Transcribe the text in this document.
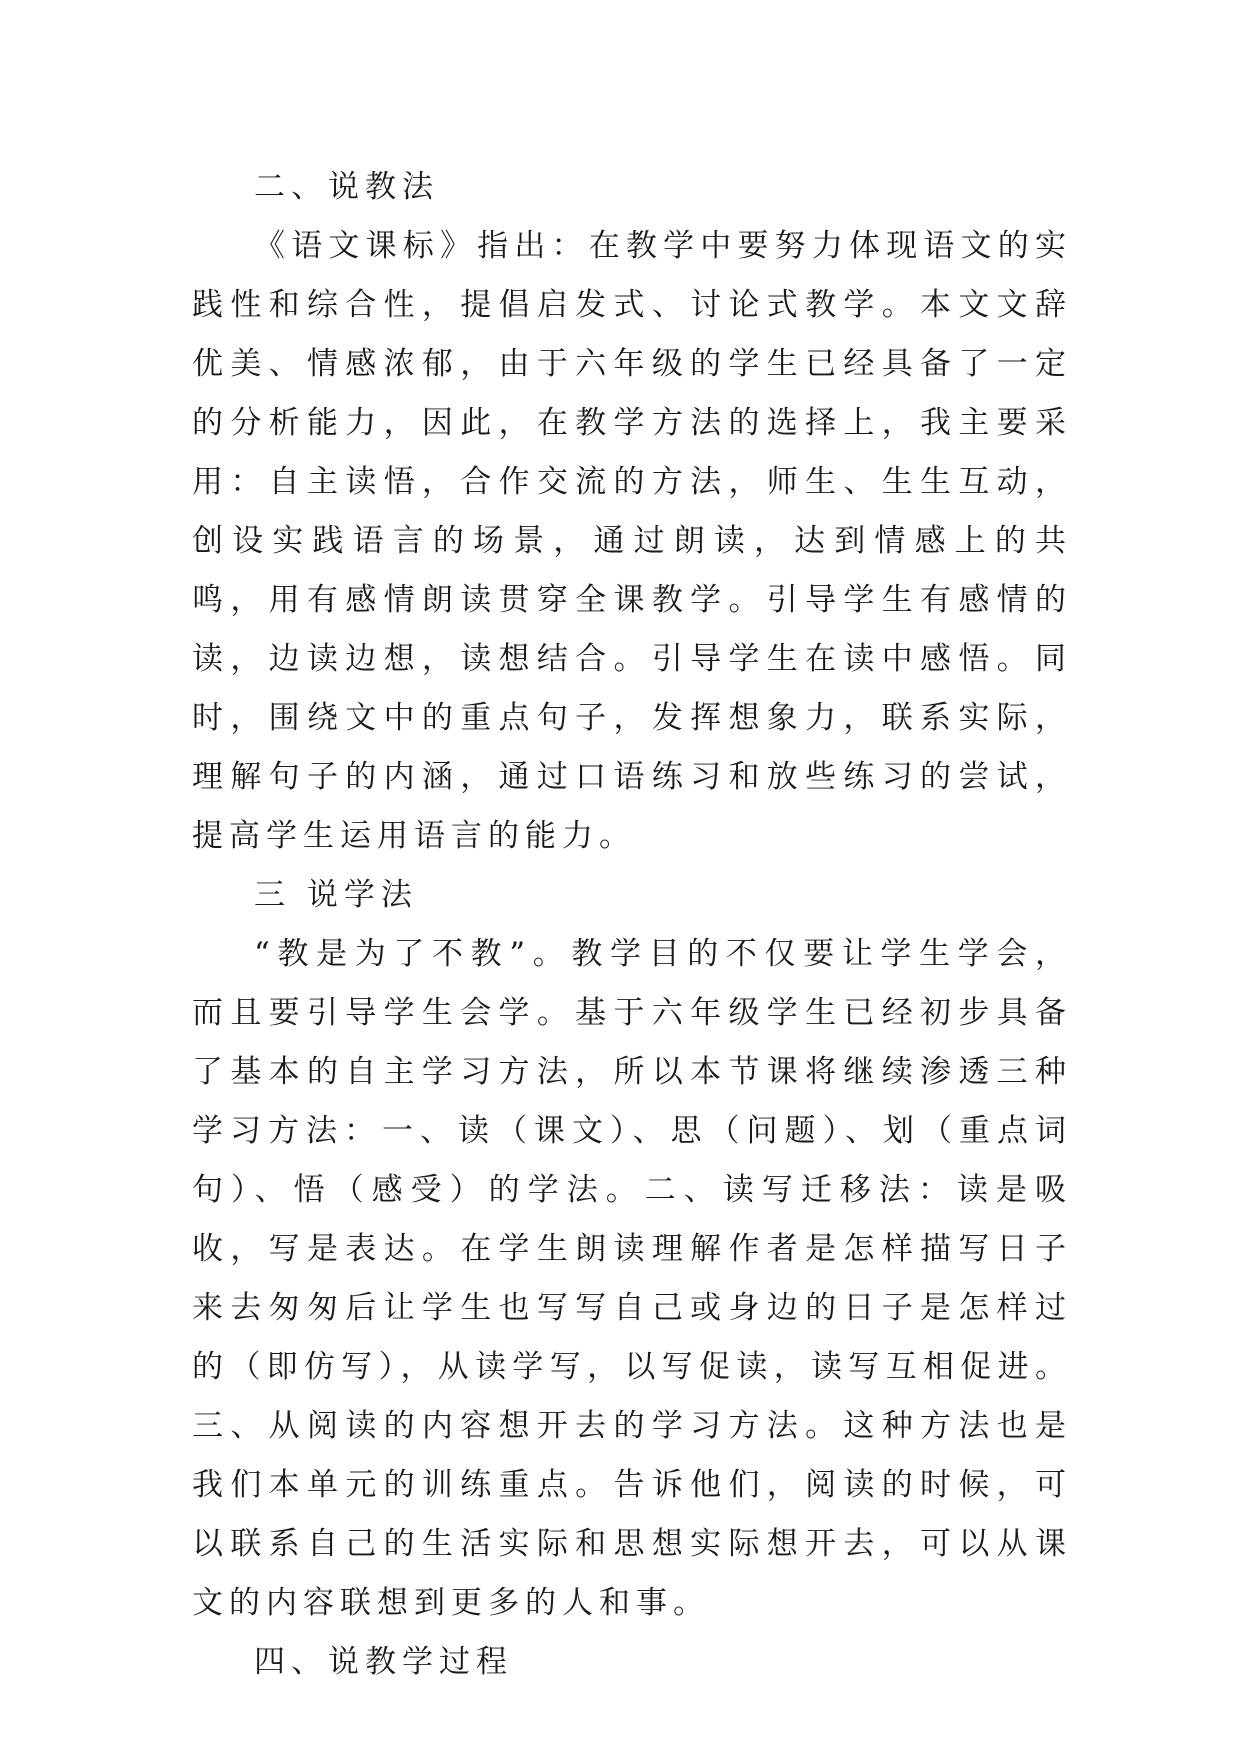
二、说教法

《语文课标》指出：在教学中要努力体现语文的实践性和综合性，提倡启发式、讨论式教学。本文文辞优美、情感浓郁，由于六年级的学生已经具备了一定的分析能力，因此，在教学方法的选择上，我主要采用：自主读悟，合作交流的方法，师生、生生互动，创设实践语言的场景，通过朗读，达到情感上的共鸣，用有感情朗读贯穿全课教学。引导学生有感情的读，边读边想，读想结合。引导学生在读中感悟。同时，围绕文中的重点句子，发挥想象力，联系实际，理解句子的内涵，通过口语练习和放些练习的尝试，提高学生运用语言的能力。

三 说学法

“教是为了不教”。教学目的不仅要让学生学会，而且要引导学生会学。基于六年级学生已经初步具备了基本的自主学习方法，所以本节课将继续渗透三种学习方法：一、读（课文）、思（问题）、划（重点词句）、悟（感受）的学法。二、读写迁移法：读是吸收，写是表达。在学生朗读理解作者是怎样描写日子来去匆匆后让学生也写写自己或身边的日子是怎样过的（即仿写），从读学写，以写促读，读写互相促进。三、从阅读的内容想开去的学习方法。这种方法也是我们本单元的训练重点。告诉他们，阅读的时候，可以联系自己的生活实际和思想实际想开去，可以从课文的内容联想到更多的人和事。

四、说教学过程
